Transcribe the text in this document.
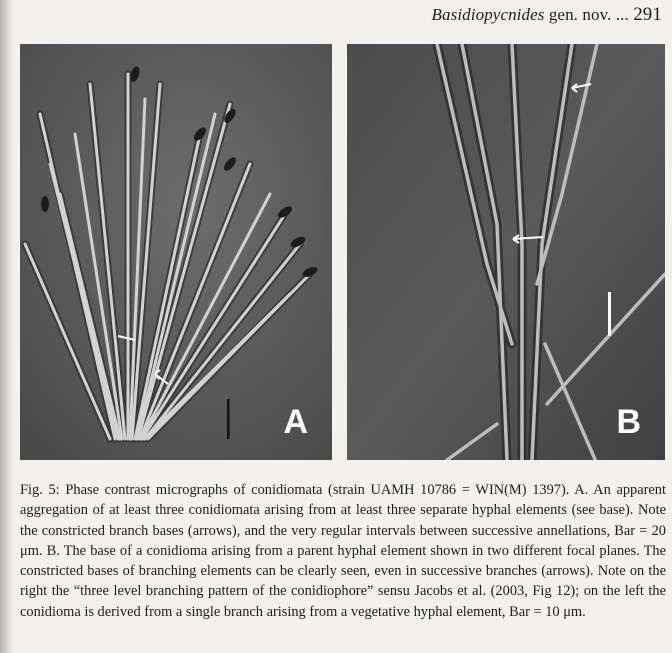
Basidiopycnides gen. nov. ... 291
A	B

Fig. 5: Phase contrast micrographs of conidiomata (strain UAMH 10786 = WIN(M) 1397). A. An apparent aggregation of at least three conidiomata arising from at least three separate hyphal elements (see base). Note the constricted branch bases (arrows), and the very regular intervals between successive annellations, Bar = 20 μm. B. The base of a conidioma arising from a parent hyphal element shown in two different focal planes. The constricted bases of branching elements can be clearly seen, even in successive branches (arrows). Note on the right the “three level branching pattern of the conidiophore” sensu Jacobs et al. (2003, Fig 12); on the left the conidioma is derived from a single branch arising from a vegetative hyphal element, Bar = 10 μm.
